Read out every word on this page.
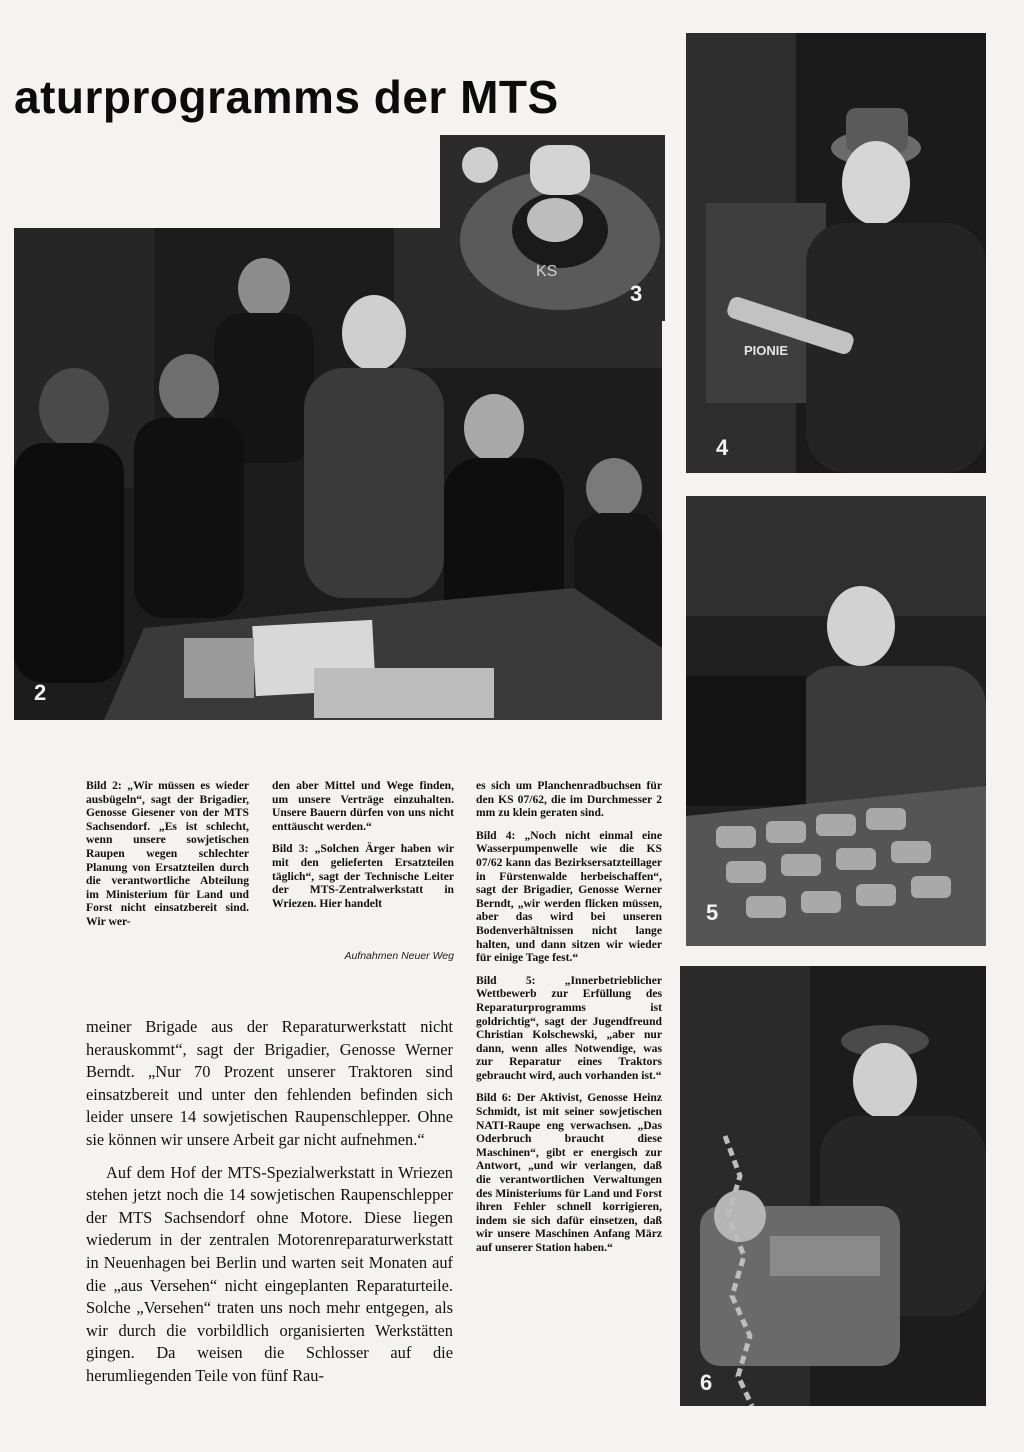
aturprogramms der MTS
2
KS
3
PIONIE
4
5
6

Bild 2: „Wir müssen es wieder ausbügeln“, sagt der Brigadier, Genosse Giesener von der MTS Sachsendorf. „Es ist schlecht, wenn unsere sowjetischen Raupen wegen schlechter Planung von Ersatzteilen durch die verantwortliche Abteilung im Ministerium für Land und Forst nicht einsatzbereit sind. Wir wer-

den aber Mittel und Wege finden, um unsere Verträge einzuhalten. Unsere Bauern dürfen von uns nicht enttäuscht werden.“

Bild 3: „Solchen Ärger haben wir mit den gelieferten Ersatzteilen täglich“, sagt der Technische Leiter der MTS-Zentralwerkstatt in Wriezen. Hier handelt

Aufnahmen Neuer Weg

es sich um Planchenradbuchsen für den KS 07/62, die im Durchmesser 2 mm zu klein geraten sind.

Bild 4: „Noch nicht einmal eine Wasserpumpenwelle wie die KS 07/62 kann das Bezirksersatzteillager in Fürstenwalde herbeischaffen“, sagt der Brigadier, Genosse Werner Berndt, „wir werden flicken müssen, aber das wird bei unseren Bodenverhältnissen nicht lange halten, und dann sitzen wir wieder für einige Tage fest.“

Bild 5: „Innerbetrieblicher Wettbewerb zur Erfüllung des Reparaturprogramms ist goldrichtig“, sagt der Jugendfreund Christian Kolschewski, „aber nur dann, wenn alles Notwendige, was zur Reparatur eines Traktors gebraucht wird, auch vorhanden ist.“

Bild 6: Der Aktivist, Genosse Heinz Schmidt, ist mit seiner sowjetischen NATI-Raupe eng verwachsen. „Das Oderbruch braucht diese Maschinen“, gibt er energisch zur Antwort, „und wir verlangen, daß die verantwortlichen Verwaltungen des Ministeriums für Land und Forst ihren Fehler schnell korrigieren, indem sie sich dafür einsetzen, daß wir unsere Maschinen Anfang März auf unserer Station haben.“

meiner Brigade aus der Reparaturwerkstatt nicht herauskommt“, sagt der Brigadier, Genosse Werner Berndt. „Nur 70 Prozent unserer Traktoren sind einsatzbereit und unter den fehlenden befinden sich leider unsere 14 sowjetischen Raupenschlepper. Ohne sie können wir unsere Arbeit gar nicht aufnehmen.“

Auf dem Hof der MTS-Spezialwerkstatt in Wriezen stehen jetzt noch die 14 sowjetischen Raupenschlepper der MTS Sachsendorf ohne Motore. Diese liegen wiederum in der zentralen Motorenreparaturwerkstatt in Neuenhagen bei Berlin und warten seit Monaten auf die „aus Versehen“ nicht eingeplanten Reparaturteile. Solche „Versehen“ traten uns noch mehr entgegen, als wir durch die vorbildlich organisierten Werkstätten gingen. Da weisen die Schlosser auf die herumliegenden Teile von fünf Rau-
